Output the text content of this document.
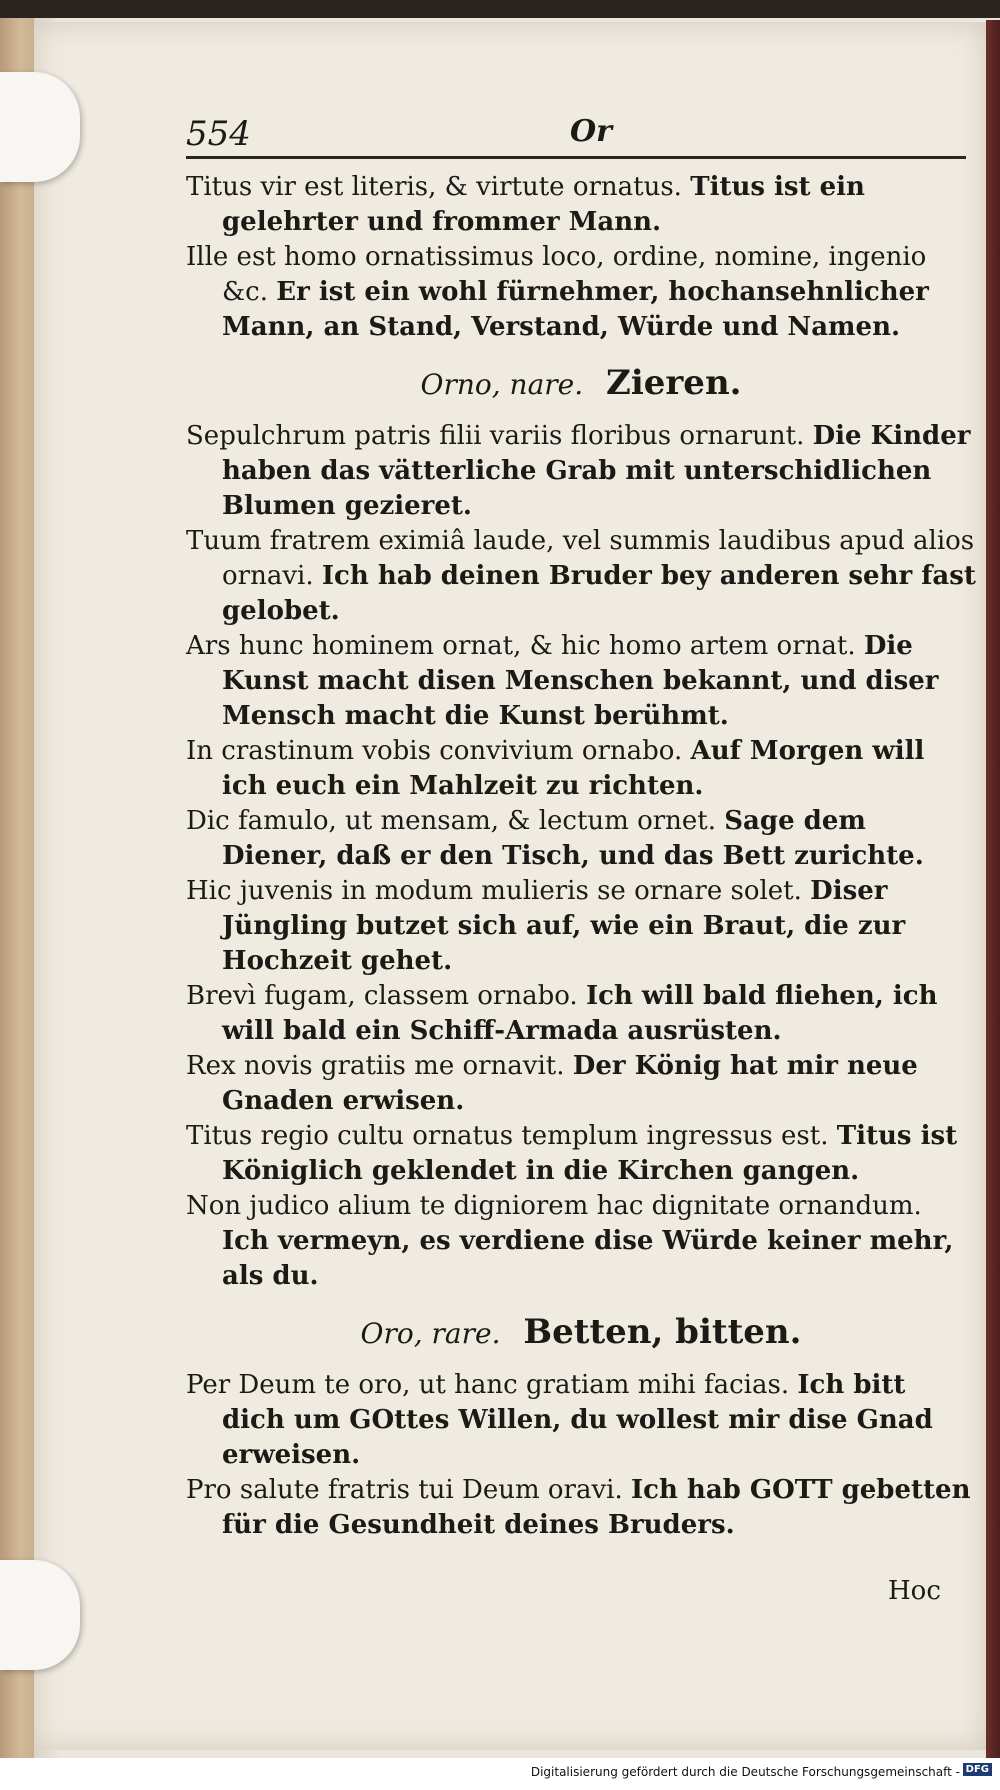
554	Or

Titus vir est literis, & virtute ornatus. Titus ist ein gelehrter und frommer Mann.

Ille est homo ornatissimus loco, ordine, nomine, ingenio &c. Er ist ein wohl fürnehmer, hochansehnlicher Mann, an Stand, Verstand, Würde und Namen.

Orno, nare. Zieren.

Sepulchrum patris filii variis floribus ornarunt. Die Kinder haben das vätterliche Grab mit unterschidlichen Blumen gezieret.

Tuum fratrem eximiâ laude, vel summis laudibus apud alios ornavi. Ich hab deinen Bruder bey anderen sehr fast gelobet.

Ars hunc hominem ornat, & hic homo artem ornat. Die Kunst macht disen Menschen bekannt, und diser Mensch macht die Kunst berühmt.

In crastinum vobis convivium ornabo. Auf Morgen will ich euch ein Mahlzeit zu richten.

Dic famulo, ut mensam, & lectum ornet. Sage dem Diener, daß er den Tisch, und das Bett zurichte.

Hic juvenis in modum mulieris se ornare solet. Diser Jüngling butzet sich auf, wie ein Braut, die zur Hochzeit gehet.

Brevì fugam, classem ornabo. Ich will bald fliehen, ich will bald ein Schiff-Armada ausrüsten.

Rex novis gratiis me ornavit. Der König hat mir neue Gnaden erwisen.

Titus regio cultu ornatus templum ingressus est. Titus ist Königlich geklendet in die Kirchen gangen.

Non judico alium te digniorem hac dignitate ornandum. Ich vermeyn, es verdiene dise Würde keiner mehr, als du.

Oro, rare. Betten, bitten.

Per Deum te oro, ut hanc gratiam mihi facias. Ich bitt dich um GOttes Willen, du wollest mir dise Gnad erweisen.

Pro salute fratris tui Deum oravi. Ich hab GOTT gebetten für die Gesundheit deines Bruders.

Hoc
Digitalisierung gefördert durch die Deutsche Forschungsgemeinschaft - DFG
